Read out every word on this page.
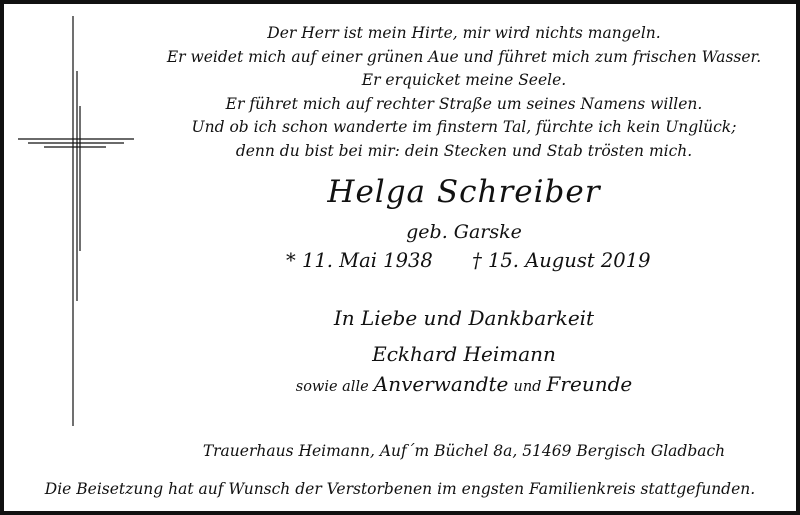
Der Herr ist mein Hirte, mir wird nichts mangeln.
Er weidet mich auf einer grünen Aue und führet mich zum frischen Wasser.
Er erquicket meine Seele.
Er führet mich auf rechter Straße um seines Namens willen.
Und ob ich schon wanderte im finstern Tal, fürchte ich kein Unglück;
denn du bist bei mir: dein Stecken und Stab trösten mich.
Helga Schreiber
geb. Garske
* 11. Mai 1938 † 15. August 2019
In Liebe und Dankbarkeit
Eckhard Heimann
sowie alle Anverwandte und Freunde
Trauerhaus Heimann, Auf´m Büchel 8a, 51469 Bergisch Gladbach
Die Beisetzung hat auf Wunsch der Verstorbenen im engsten Familienkreis stattgefunden.
